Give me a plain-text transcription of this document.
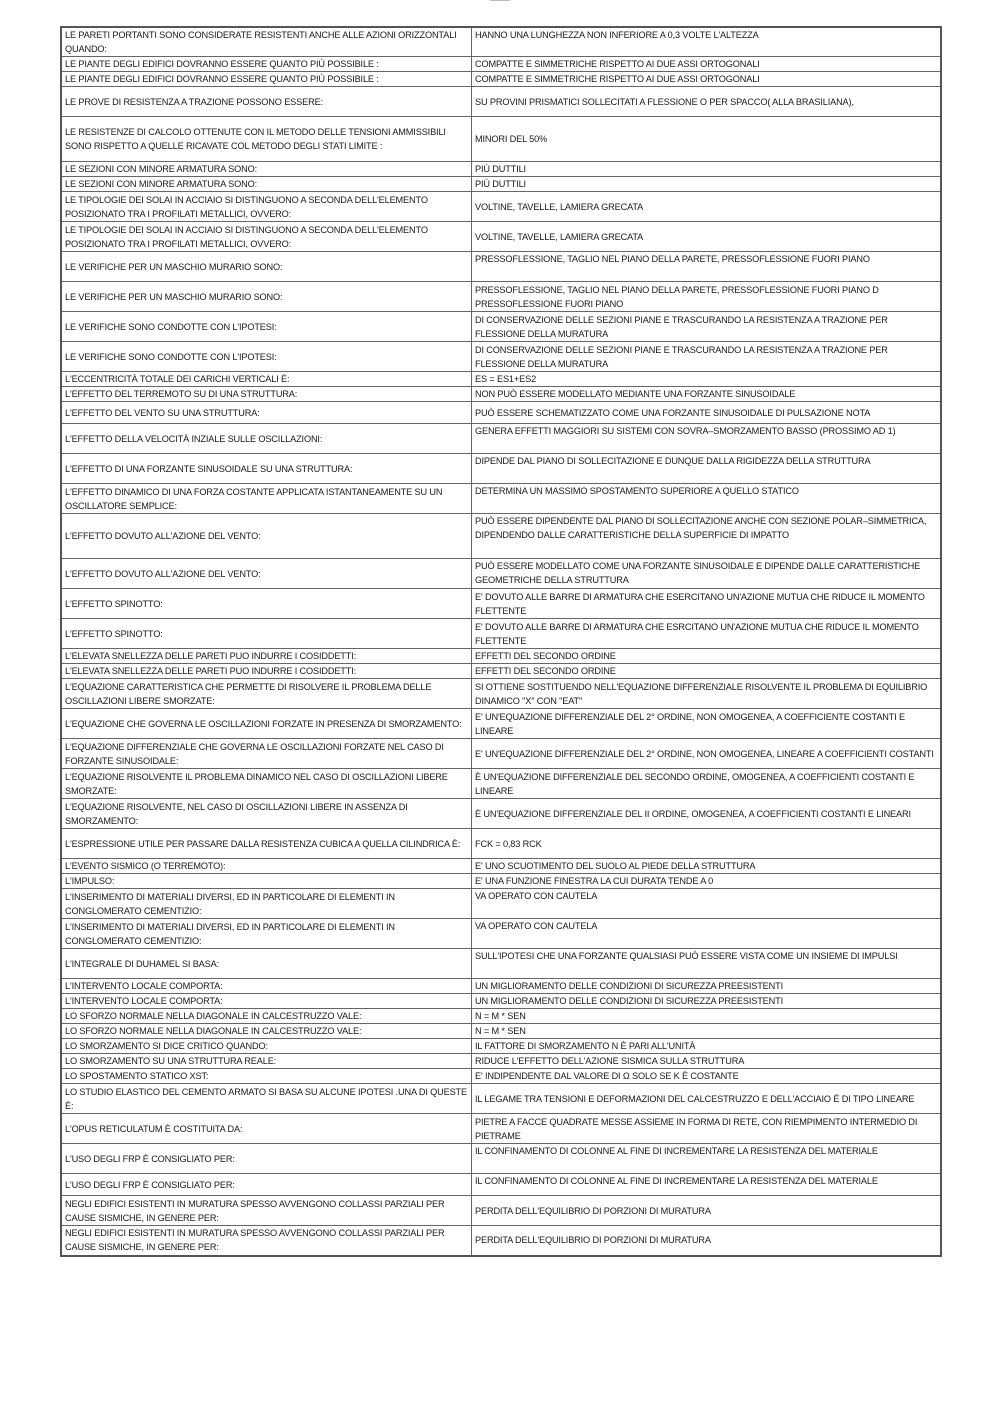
LE PARETI PORTANTI SONO CONSIDERATE RESISTENTI ANCHE ALLE AZIONI ORIZZONTALI QUANDO:	HANNO UNA LUNGHEZZA NON INFERIORE A 0,3 VOLTE L'ALTEZZA
LE PIANTE DEGLI EDIFICI DOVRANNO ESSERE QUANTO PIÙ POSSIBILE :	COMPATTE E SIMMETRICHE RISPETTO AI DUE ASSI ORTOGONALI
LE PIANTE DEGLI EDIFICI DOVRANNO ESSERE QUANTO PIÙ POSSIBILE :	COMPATTE E SIMMETRICHE RISPETTO AI DUE ASSI ORTOGONALI
LE PROVE DI RESISTENZA A TRAZIONE POSSONO ESSERE:	SU PROVINI PRISMATICI SOLLECITATI A FLESSIONE O PER SPACCO( ALLA BRASILIANA),
LE RESISTENZE DI CALCOLO OTTENUTE CON IL METODO DELLE TENSIONI AMMISSIBILI SONO RISPETTO A QUELLE RICAVATE COL METODO DEGLI STATI LIMITE :	MINORI DEL 50%
LE SEZIONI CON MINORE ARMATURA SONO:	PIÙ DUTTILI
LE SEZIONI CON MINORE ARMATURA SONO:	PIÙ DUTTILI
LE TIPOLOGIE DEI SOLAI IN ACCIAIO SI DISTINGUONO A SECONDA DELL'ELEMENTO POSIZIONATO TRA I PROFILATI METALLICI, OVVERO:	VOLTINE, TAVELLE, LAMIERA GRECATA
LE TIPOLOGIE DEI SOLAI IN ACCIAIO SI DISTINGUONO A SECONDA DELL'ELEMENTO POSIZIONATO TRA I PROFILATI METALLICI, OVVERO:	VOLTINE, TAVELLE, LAMIERA GRECATA
LE VERIFICHE PER UN MASCHIO MURARIO SONO:	PRESSOFLESSIONE, TAGLIO NEL PIANO DELLA PARETE, PRESSOFLESSIONE FUORI PIANO
LE VERIFICHE PER UN MASCHIO MURARIO SONO:	PRESSOFLESSIONE, TAGLIO NEL PIANO DELLA PARETE, PRESSOFLESSIONE FUORI PIANO D PRESSOFLESSIONE FUORI PIANO
LE VERIFICHE SONO CONDOTTE CON L'IPOTESI:	DI CONSERVAZIONE DELLE SEZIONI PIANE E TRASCURANDO LA RESISTENZA A TRAZIONE PER FLESSIONE DELLA MURATURA
LE VERIFICHE SONO CONDOTTE CON L'IPOTESI:	DI CONSERVAZIONE DELLE SEZIONI PIANE E TRASCURANDO LA RESISTENZA A TRAZIONE PER FLESSIONE DELLA MURATURA
L'ECCENTRICITÀ TOTALE DEI CARICHI VERTICALI È:	ES = ES1+ES2
L'EFFETTO DEL TERREMOTO SU DI UNA STRUTTURA:	NON PUÒ ESSERE MODELLATO MEDIANTE UNA FORZANTE SINUSOIDALE
L'EFFETTO DEL VENTO SU UNA STRUTTURA:	PUÒ ESSERE SCHEMATIZZATO COME UNA FORZANTE SINUSOIDALE DI PULSAZIONE NOTA
L'EFFETTO DELLA VELOCITÀ INZIALE SULLE OSCILLAZIONI:	GENERA EFFETTI MAGGIORI SU SISTEMI CON SOVRA–SMORZAMENTO BASSO (PROSSIMO AD 1)
L'EFFETTO DI UNA FORZANTE SINUSOIDALE SU UNA STRUTTURA:	DIPENDE DAL PIANO DI SOLLECITAZIONE E DUNQUE DALLA RIGIDEZZA DELLA STRUTTURA
L'EFFETTO DINAMICO DI UNA FORZA COSTANTE APPLICATA ISTANTANEAMENTE SU UN OSCILLATORE SEMPLICE:	DETERMINA UN MASSIMO SPOSTAMENTO SUPERIORE A QUELLO STATICO
L'EFFETTO DOVUTO ALL'AZIONE DEL VENTO:	PUÒ ESSERE DIPENDENTE DAL PIANO DI SOLLECITAZIONE ANCHE CON SEZIONE POLAR–SIMMETRICA, DIPENDENDO DALLE CARATTERISTICHE DELLA SUPERFICIE DI IMPATTO
L'EFFETTO DOVUTO ALL'AZIONE DEL VENTO:	PUÒ ESSERE MODELLATO COME UNA FORZANTE SINUSOIDALE E DIPENDE DALLE CARATTERISTICHE GEOMETRICHE DELLA STRUTTURA
L'EFFETTO SPINOTTO:	E' DOVUTO ALLE BARRE DI ARMATURA CHE ESERCITANO UN'AZIONE MUTUA CHE RIDUCE IL MOMENTO FLETTENTE
L'EFFETTO SPINOTTO:	E' DOVUTO ALLE BARRE DI ARMATURA CHE ESRCITANO UN'AZIONE MUTUA CHE RIDUCE IL MOMENTO FLETTENTE
L'ELEVATA SNELLEZZA DELLE PARETI PUO INDURRE I COSIDDETTI:	EFFETTI DEL SECONDO ORDINE
L'ELEVATA SNELLEZZA DELLE PARETI PUO INDURRE I COSIDDETTI:	EFFETTI DEL SECONDO ORDINE
L'EQUAZIONE CARATTERISTICA CHE PERMETTE DI RISOLVERE IL PROBLEMA DELLE OSCILLAZIONI LIBERE SMORZATE:	SI OTTIENE SOSTITUENDO NELL'EQUAZIONE DIFFERENZIALE RISOLVENTE IL PROBLEMA DI EQUILIBRIO DINAMICO "X" CON "EAT"
L'EQUAZIONE CHE GOVERNA LE OSCILLAZIONI FORZATE IN PRESENZA DI SMORZAMENTO:	E' UN'EQUAZIONE DIFFERENZIALE DEL 2° ORDINE, NON OMOGENEA, A COEFFICIENTE COSTANTI E LINEARE
L'EQUAZIONE DIFFERENZIALE CHE GOVERNA LE OSCILLAZIONI FORZATE NEL CASO DI FORZANTE SINUSOIDALE:	E' UN'EQUAZIONE DIFFERENZIALE DEL 2° ORDINE, NON OMOGENEA, LINEARE A COEFFICIENTI COSTANTI
L'EQUAZIONE RISOLVENTE IL PROBLEMA DINAMICO NEL CASO DI OSCILLAZIONI LIBERE SMORZATE:	È UN'EQUAZIONE DIFFERENZIALE DEL SECONDO ORDINE, OMOGENEA, A COEFFICIENTI COSTANTI E LINEARE
L'EQUAZIONE RISOLVENTE, NEL CASO DI OSCILLAZIONI LIBERE IN ASSENZA DI SMORZAMENTO:	È UN'EQUAZIONE DIFFERENZIALE DEL II ORDINE, OMOGENEA, A COEFFICIENTI COSTANTI E LINEARI
L'ESPRESSIONE UTILE PER PASSARE DALLA RESISTENZA CUBICA A QUELLA CILINDRICA È:	FCK = 0,83 RCK
L'EVENTO SISMICO (O TERREMOTO):	E' UNO SCUOTIMENTO DEL SUOLO AL PIEDE DELLA STRUTTURA
L'IMPULSO:	E' UNA FUNZIONE FINESTRA LA CUI DURATA TENDE A 0
L'INSERIMENTO DI MATERIALI DIVERSI, ED IN PARTICOLARE DI ELEMENTI IN CONGLOMERATO CEMENTIZIO:	VA OPERATO CON CAUTELA
L'INSERIMENTO DI MATERIALI DIVERSI, ED IN PARTICOLARE DI ELEMENTI IN CONGLOMERATO CEMENTIZIO:	VA OPERATO CON CAUTELA
L'INTEGRALE DI DUHAMEL SI BASA:	SULL'IPOTESI CHE UNA FORZANTE QUALSIASI PUÒ ESSERE VISTA COME UN INSIEME DI IMPULSI
L'INTERVENTO LOCALE COMPORTA:	UN MIGLIORAMENTO DELLE CONDIZIONI DI SICUREZZA PREESISTENTI
L'INTERVENTO LOCALE COMPORTA:	UN MIGLIORAMENTO DELLE CONDIZIONI DI SICUREZZA PREESISTENTI
LO SFORZO NORMALE NELLA DIAGONALE IN CALCESTRUZZO VALE:	N = M * SEN
LO SFORZO NORMALE NELLA DIAGONALE IN CALCESTRUZZO VALE:	N = M * SEN
LO SMORZAMENTO SI DICE CRITICO QUANDO:	IL FATTORE DI SMORZAMENTO N È PARI ALL'UNITÀ
LO SMORZAMENTO SU UNA STRUTTURA REALE:	RIDUCE L'EFFETTO DELL'AZIONE SISMICA SULLA STRUTTURA
LO SPOSTAMENTO STATICO XST:	E' INDIPENDENTE DAL VALORE DI Ω SOLO SE K È COSTANTE
LO STUDIO ELASTICO DEL CEMENTO ARMATO SI BASA SU ALCUNE IPOTESI .UNA DI QUESTE È:	IL LEGAME TRA TENSIONI E DEFORMAZIONI DEL CALCESTRUZZO E DELL'ACCIAIO È DI TIPO LINEARE
L'OPUS RETICULATUM È COSTITUITA DA:	PIETRE A FACCE QUADRATE MESSE ASSIEME IN FORMA DI RETE, CON RIEMPIMENTO INTERMEDIO DI PIETRAME
L'USO DEGLI FRP È CONSIGLIATO PER:	IL CONFINAMENTO DI COLONNE AL FINE DI INCREMENTARE LA RESISTENZA DEL MATERIALE
L'USO DEGLI FRP È CONSIGLIATO PER:	IL CONFINAMENTO DI COLONNE AL FINE DI INCREMENTARE LA RESISTENZA DEL MATERIALE
NEGLI EDIFICI ESISTENTI IN MURATURA SPESSO AVVENGONO COLLASSI PARZIALI PER CAUSE SISMICHE, IN GENERE PER:	PERDITA DELL'EQUILIBRIO DI PORZIONI DI MURATURA
NEGLI EDIFICI ESISTENTI IN MURATURA SPESSO AVVENGONO COLLASSI PARZIALI PER CAUSE SISMICHE, IN GENERE PER:	PERDITA DELL'EQUILIBRIO DI PORZIONI DI MURATURA
